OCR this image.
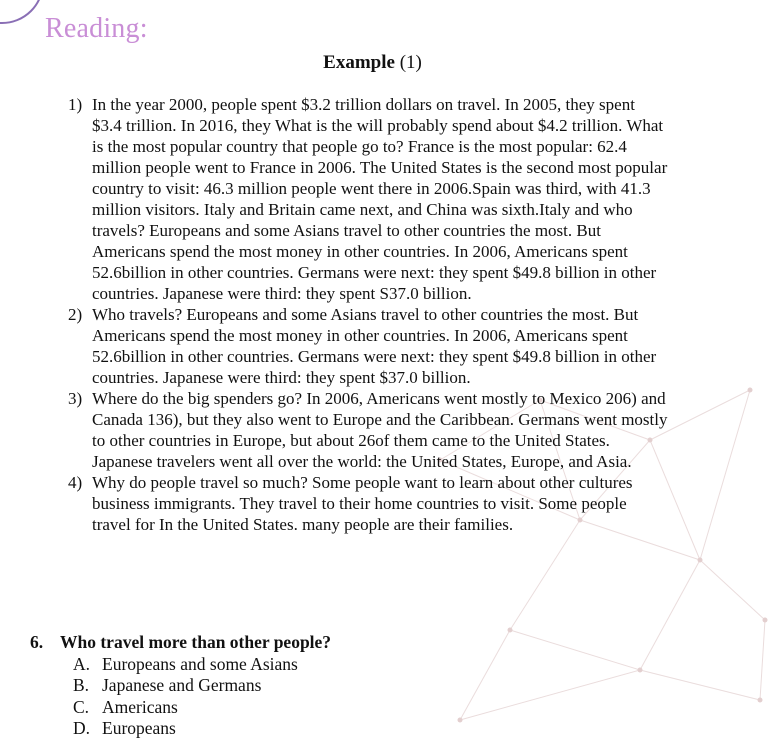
Reading:
Example (1)
1) In the year 2000, people spent $3.2 trillion dollars on travel. In 2005, they spent $3.4 trillion. In 2016, they What is the will probably spend about $4.2 trillion. What is the most popular country that people go to? France is the most popular: 62.4 million people went to France in 2006. The United States is the second most popular country to visit: 46.3 million people went there in 2006.Spain was third, with 41.3 million visitors. Italy and Britain came next, and China was sixth.Italy and who travels? Europeans and some Asians travel to other countries the most. But Americans spend the most money in other countries. In 2006, Americans spent 52.6billion in other countries. Germans were next: they spent $49.8 billion in other countries. Japanese were third: they spent S37.0 billion.
2) Who travels? Europeans and some Asians travel to other countries the most. But Americans spend the most money in other countries. In 2006, Americans spent 52.6billion in other countries. Germans were next: they spent $49.8 billion in other countries. Japanese were third: they spent $37.0 billion.
3) Where do the big spenders go? In 2006, Americans went mostly to Mexico 206) and Canada 136), but they also went to Europe and the Caribbean. Germans went mostly to other countries in Europe, but about 26of them came to the United States. Japanese travelers went all over the world: the United States, Europe, and Asia.
4) Why do people travel so much? Some people want to learn about other cultures business immigrants. They travel to their home countries to visit. Some people travel for In the United States. many people are their families.
6. Who travel more than other people?
A. Europeans and some Asians
B. Japanese and Germans
C. Americans
D. Europeans
